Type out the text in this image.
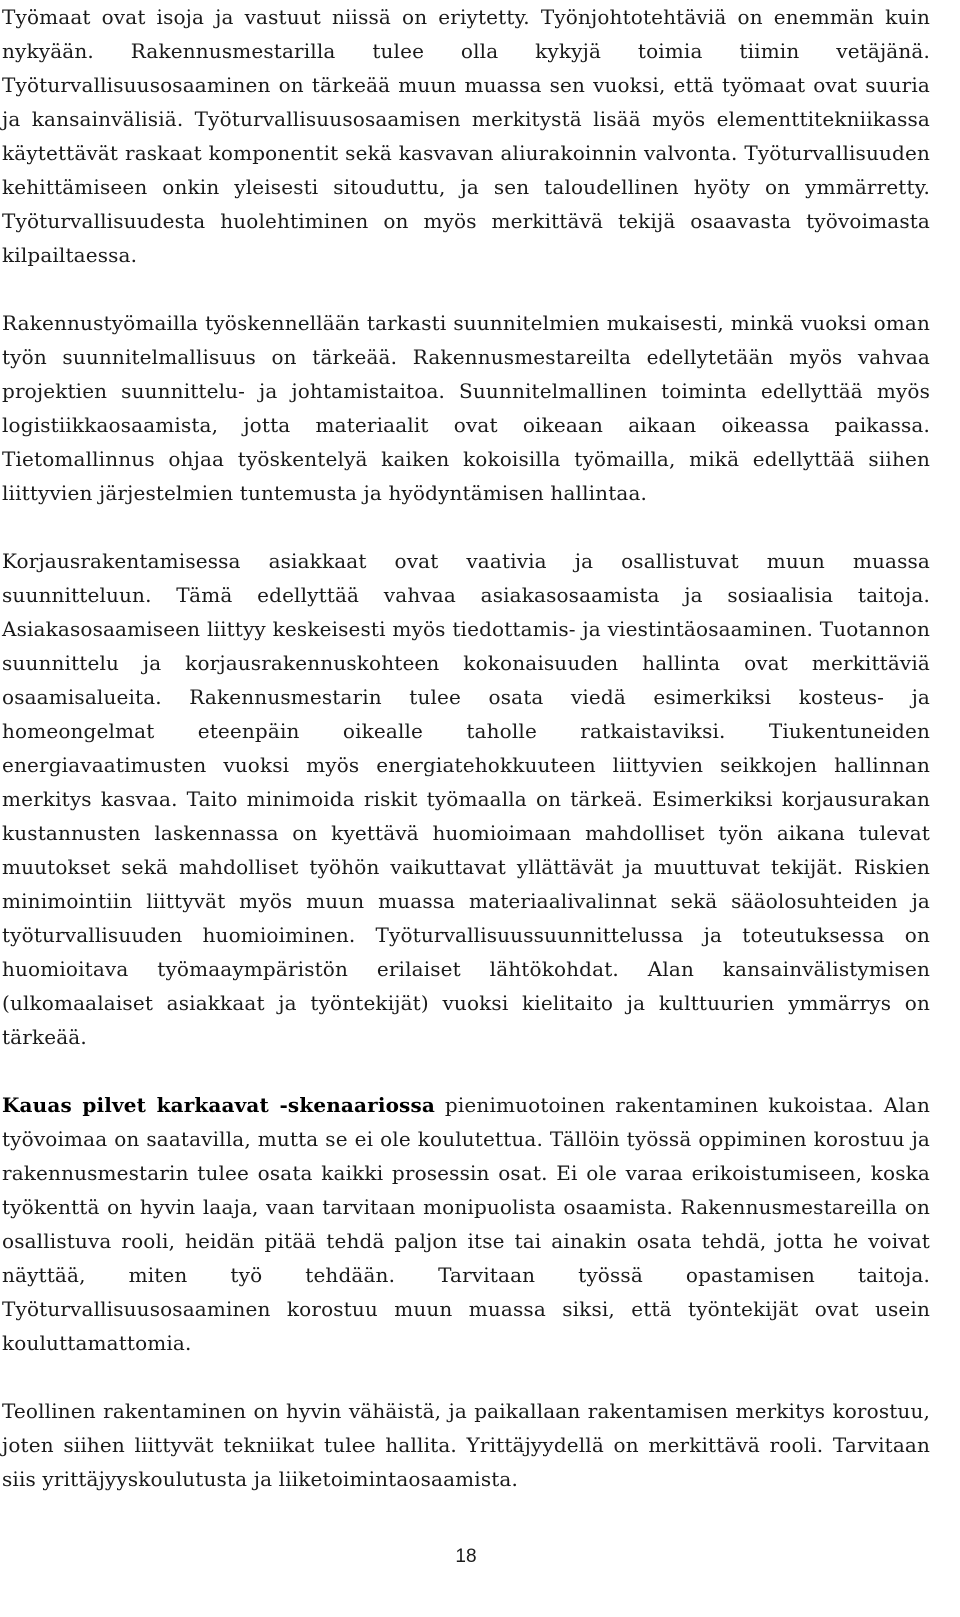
Työmaat ovat isoja ja vastuut niissä on eriytetty. Työnjohtotehtäviä on enemmän kuin nykyään. Rakennusmestarilla tulee olla kykyjä toimia tiimin vetäjänä. Työturvallisuusosaaminen on tärkeää muun muassa sen vuoksi, että työmaat ovat suuria ja kansainvälisiä. Työturvallisuusosaamisen merkitystä lisää myös elementtitekniikassa käytettävät raskaat komponentit sekä kasvavan aliurakoinnin valvonta. Työturvallisuuden kehittämiseen onkin yleisesti sitouduttu, ja sen taloudellinen hyöty on ymmärretty. Työturvallisuudesta huolehtiminen on myös merkittävä tekijä osaavasta työvoimasta kilpailtaessa.

Rakennustyömailla työskennellään tarkasti suunnitelmien mukaisesti, minkä vuoksi oman työn suunnitelmallisuus on tärkeää. Rakennusmestareilta edellytetään myös vahvaa projektien suunnittelu- ja johtamistaitoa. Suunnitelmallinen toiminta edellyttää myös logistiikkaosaamista, jotta materiaalit ovat oikeaan aikaan oikeassa paikassa. Tietomallinnus ohjaa työskentelyä kaiken kokoisilla työmailla, mikä edellyttää siihen liittyvien järjestelmien tuntemusta ja hyödyntämisen hallintaa.

Korjausrakentamisessa asiakkaat ovat vaativia ja osallistuvat muun muassa suunnitteluun. Tämä edellyttää vahvaa asiakasosaamista ja sosiaalisia taitoja. Asiakasosaamiseen liittyy keskeisesti myös tiedottamis- ja viestintäosaaminen. Tuotannon suunnittelu ja korjausrakennuskohteen kokonaisuuden hallinta ovat merkittäviä osaamisalueita. Rakennusmestarin tulee osata viedä esimerkiksi kosteus- ja homeongelmat eteenpäin oikealle taholle ratkaistaviksi. Tiukentuneiden energiavaatimusten vuoksi myös energiatehokkuuteen liittyvien seikkojen hallinnan merkitys kasvaa. Taito minimoida riskit työmaalla on tärkeä. Esimerkiksi korjausurakan kustannusten laskennassa on kyettävä huomioimaan mahdolliset työn aikana tulevat muutokset sekä mahdolliset työhön vaikuttavat yllättävät ja muuttuvat tekijät. Riskien minimointiin liittyvät myös muun muassa materiaalivalinnat sekä sääolosuhteiden ja työturvallisuuden huomioiminen. Työturvallisuussuunnittelussa ja toteutuksessa on huomioitava työmaaympäristön erilaiset lähtökohdat. Alan kansainvälistymisen (ulkomaalaiset asiakkaat ja työntekijät) vuoksi kielitaito ja kulttuurien ymmärrys on tärkeää.

Kauas pilvet karkaavat -skenaariossa pienimuotoinen rakentaminen kukoistaa. Alan työvoimaa on saatavilla, mutta se ei ole koulutettua. Tällöin työssä oppiminen korostuu ja rakennusmestarin tulee osata kaikki prosessin osat. Ei ole varaa erikoistumiseen, koska työkenttä on hyvin laaja, vaan tarvitaan monipuolista osaamista. Rakennusmestareilla on osallistuva rooli, heidän pitää tehdä paljon itse tai ainakin osata tehdä, jotta he voivat näyttää, miten työ tehdään. Tarvitaan työssä opastamisen taitoja. Työturvallisuusosaaminen korostuu muun muassa siksi, että työntekijät ovat usein kouluttamattomia.

Teollinen rakentaminen on hyvin vähäistä, ja paikallaan rakentamisen merkitys korostuu, joten siihen liittyvät tekniikat tulee hallita. Yrittäjyydellä on merkittävä rooli. Tarvitaan siis yrittäjyyskoulutusta ja liiketoimintaosaamista.

18
